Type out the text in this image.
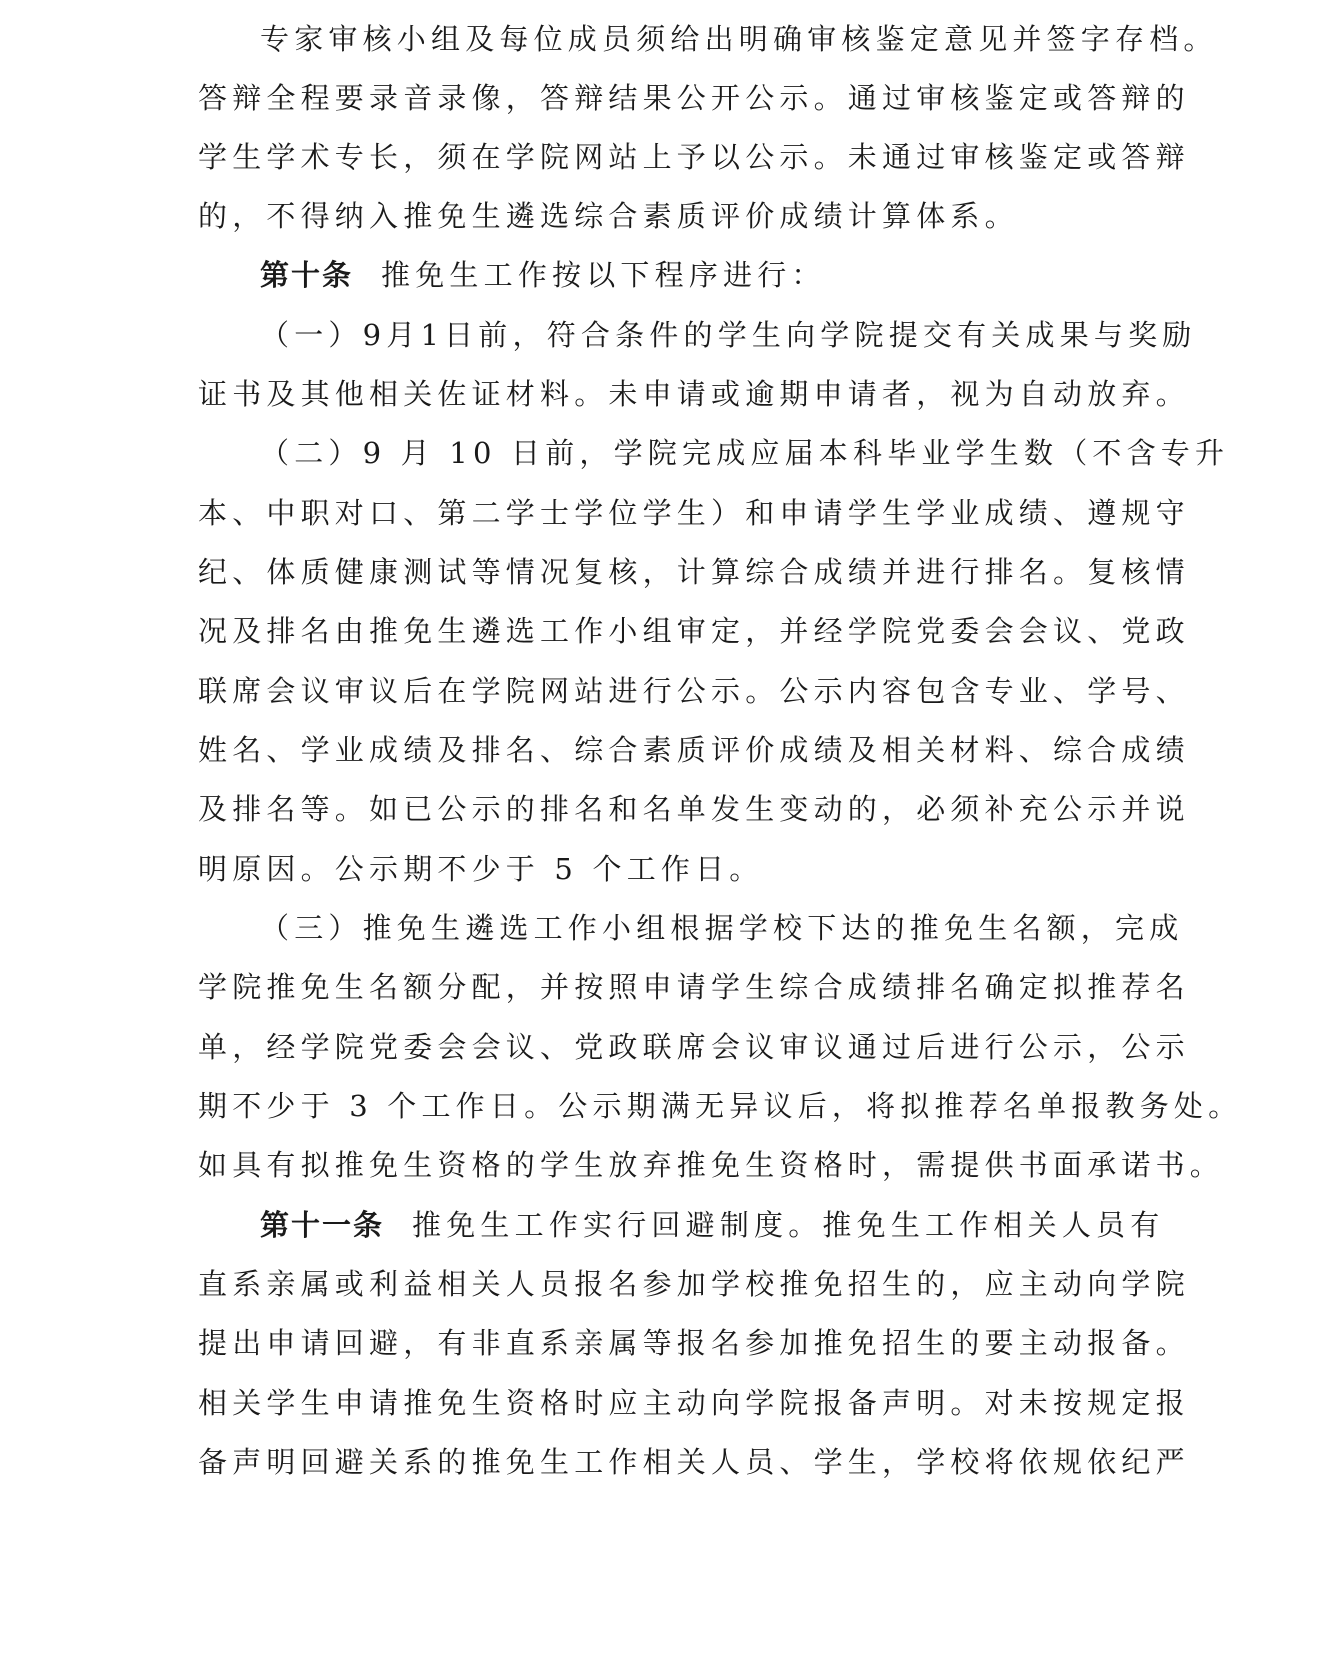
专家审核小组及每位成员须给出明确审核鉴定意见并签字存档。
答辩全程要录音录像，答辩结果公开公示。通过审核鉴定或答辩的
学生学术专长，须在学院网站上予以公示。未通过审核鉴定或答辩
的，不得纳入推免生遴选综合素质评价成绩计算体系。
第十条 推免生工作按以下程序进行：
（一）9月1日前，符合条件的学生向学院提交有关成果与奖励
证书及其他相关佐证材料。未申请或逾期申请者，视为自动放弃。
（二）9 月 10 日前，学院完成应届本科毕业学生数（不含专升
本、中职对口、第二学士学位学生）和申请学生学业成绩、遵规守
纪、体质健康测试等情况复核，计算综合成绩并进行排名。复核情
况及排名由推免生遴选工作小组审定，并经学院党委会会议、党政
联席会议审议后在学院网站进行公示。公示内容包含专业、学号、
姓名、学业成绩及排名、综合素质评价成绩及相关材料、综合成绩
及排名等。如已公示的排名和名单发生变动的，必须补充公示并说
明原因。公示期不少于 5 个工作日。
（三）推免生遴选工作小组根据学校下达的推免生名额，完成
学院推免生名额分配，并按照申请学生综合成绩排名确定拟推荐名
单，经学院党委会会议、党政联席会议审议通过后进行公示，公示
期不少于 3 个工作日。公示期满无异议后，将拟推荐名单报教务处。
如具有拟推免生资格的学生放弃推免生资格时，需提供书面承诺书。
第十一条 推免生工作实行回避制度。推免生工作相关人员有
直系亲属或利益相关人员报名参加学校推免招生的，应主动向学院
提出申请回避，有非直系亲属等报名参加推免招生的要主动报备。
相关学生申请推免生资格时应主动向学院报备声明。对未按规定报
备声明回避关系的推免生工作相关人员、学生，学校将依规依纪严
